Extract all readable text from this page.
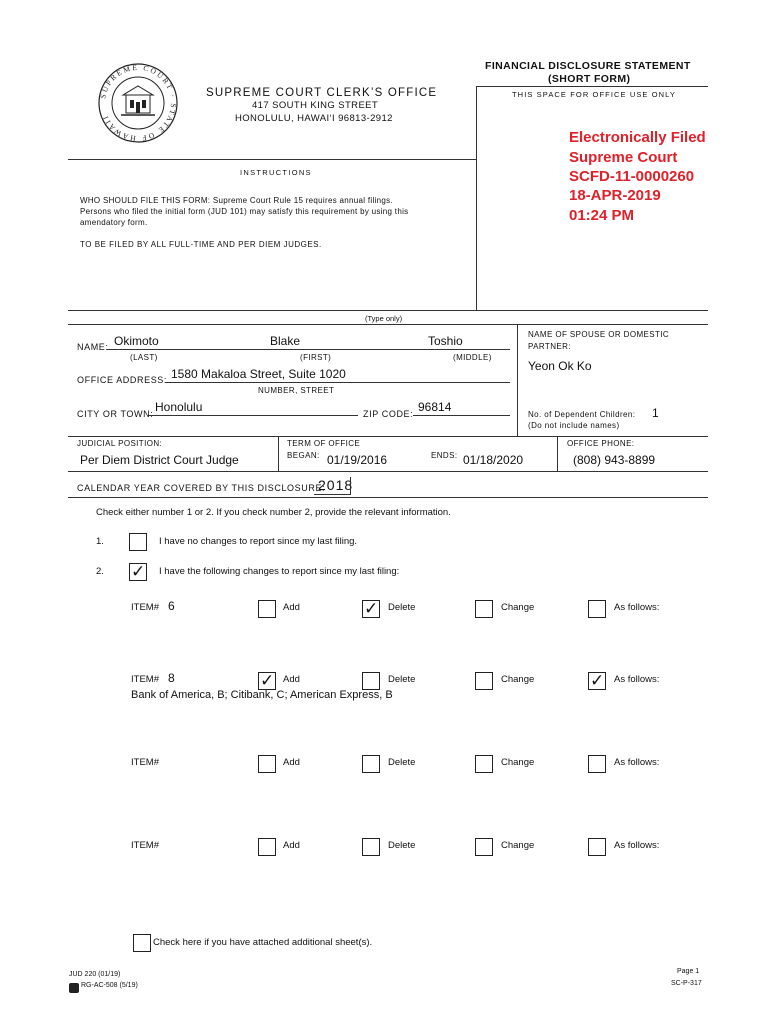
SUPREME COURT · STATE OF HAWAII
SUPREME COURT CLERK’S OFFICE
417 SOUTH KING STREET
HONOLULU, HAWAI‘I 96813-2912
FINANCIAL DISCLOSURE STATEMENT
(SHORT FORM)
THIS SPACE FOR OFFICE USE ONLY
Electronically Filed
Supreme Court
SCFD-11-0000260
18-APR-2019
01:24 PM
INSTRUCTIONS
WHO SHOULD FILE THIS FORM: Supreme Court Rule 15 requires annual filings.
Persons who filed the initial form (JUD 101) may satisfy this requirement by using this
amendatory form.
TO BE FILED BY ALL FULL-TIME AND PER DIEM JUDGES.
(Type only)
NAME: Okimoto	Blake	Toshio
(LAST)	(FIRST)	(MIDDLE)
NAME OF SPOUSE OR DOMESTIC
PARTNER:
Yeon Ok Ko
OFFICE ADDRESS: 1580 Makaloa Street, Suite 1020
NUMBER, STREET
CITY OR TOWN: Honolulu	ZIP CODE: 96814
No. of Dependent Children: 1
(Do not include names)
JUDICIAL POSITION:
Per Diem District Court Judge
TERM OF OFFICE
BEGAN: 01/19/2016	ENDS: 01/18/2020
OFFICE PHONE:
(808) 943-8899
CALENDAR YEAR COVERED BY THIS DISCLOSURE:
2018
Check either number 1 or 2. If you check number 2, provide the relevant information.
1.	I have no changes to report since my last filing.
2. ✓ I have the following changes to report since my last filing:
ITEM# 6	Add	✓ Delete	Change	As follows:
ITEM# 8	✓ Add	Delete	Change	✓ As follows:
Bank of America, B; Citibank, C; American Express, B
ITEM#	Add	Delete	Change	As follows:
ITEM#	Add	Delete	Change	As follows:
Check here if you have attached additional sheet(s).
JUD 220 (01/19)
RG-AC-508 (5/19)
Page 1
SC-P-317
